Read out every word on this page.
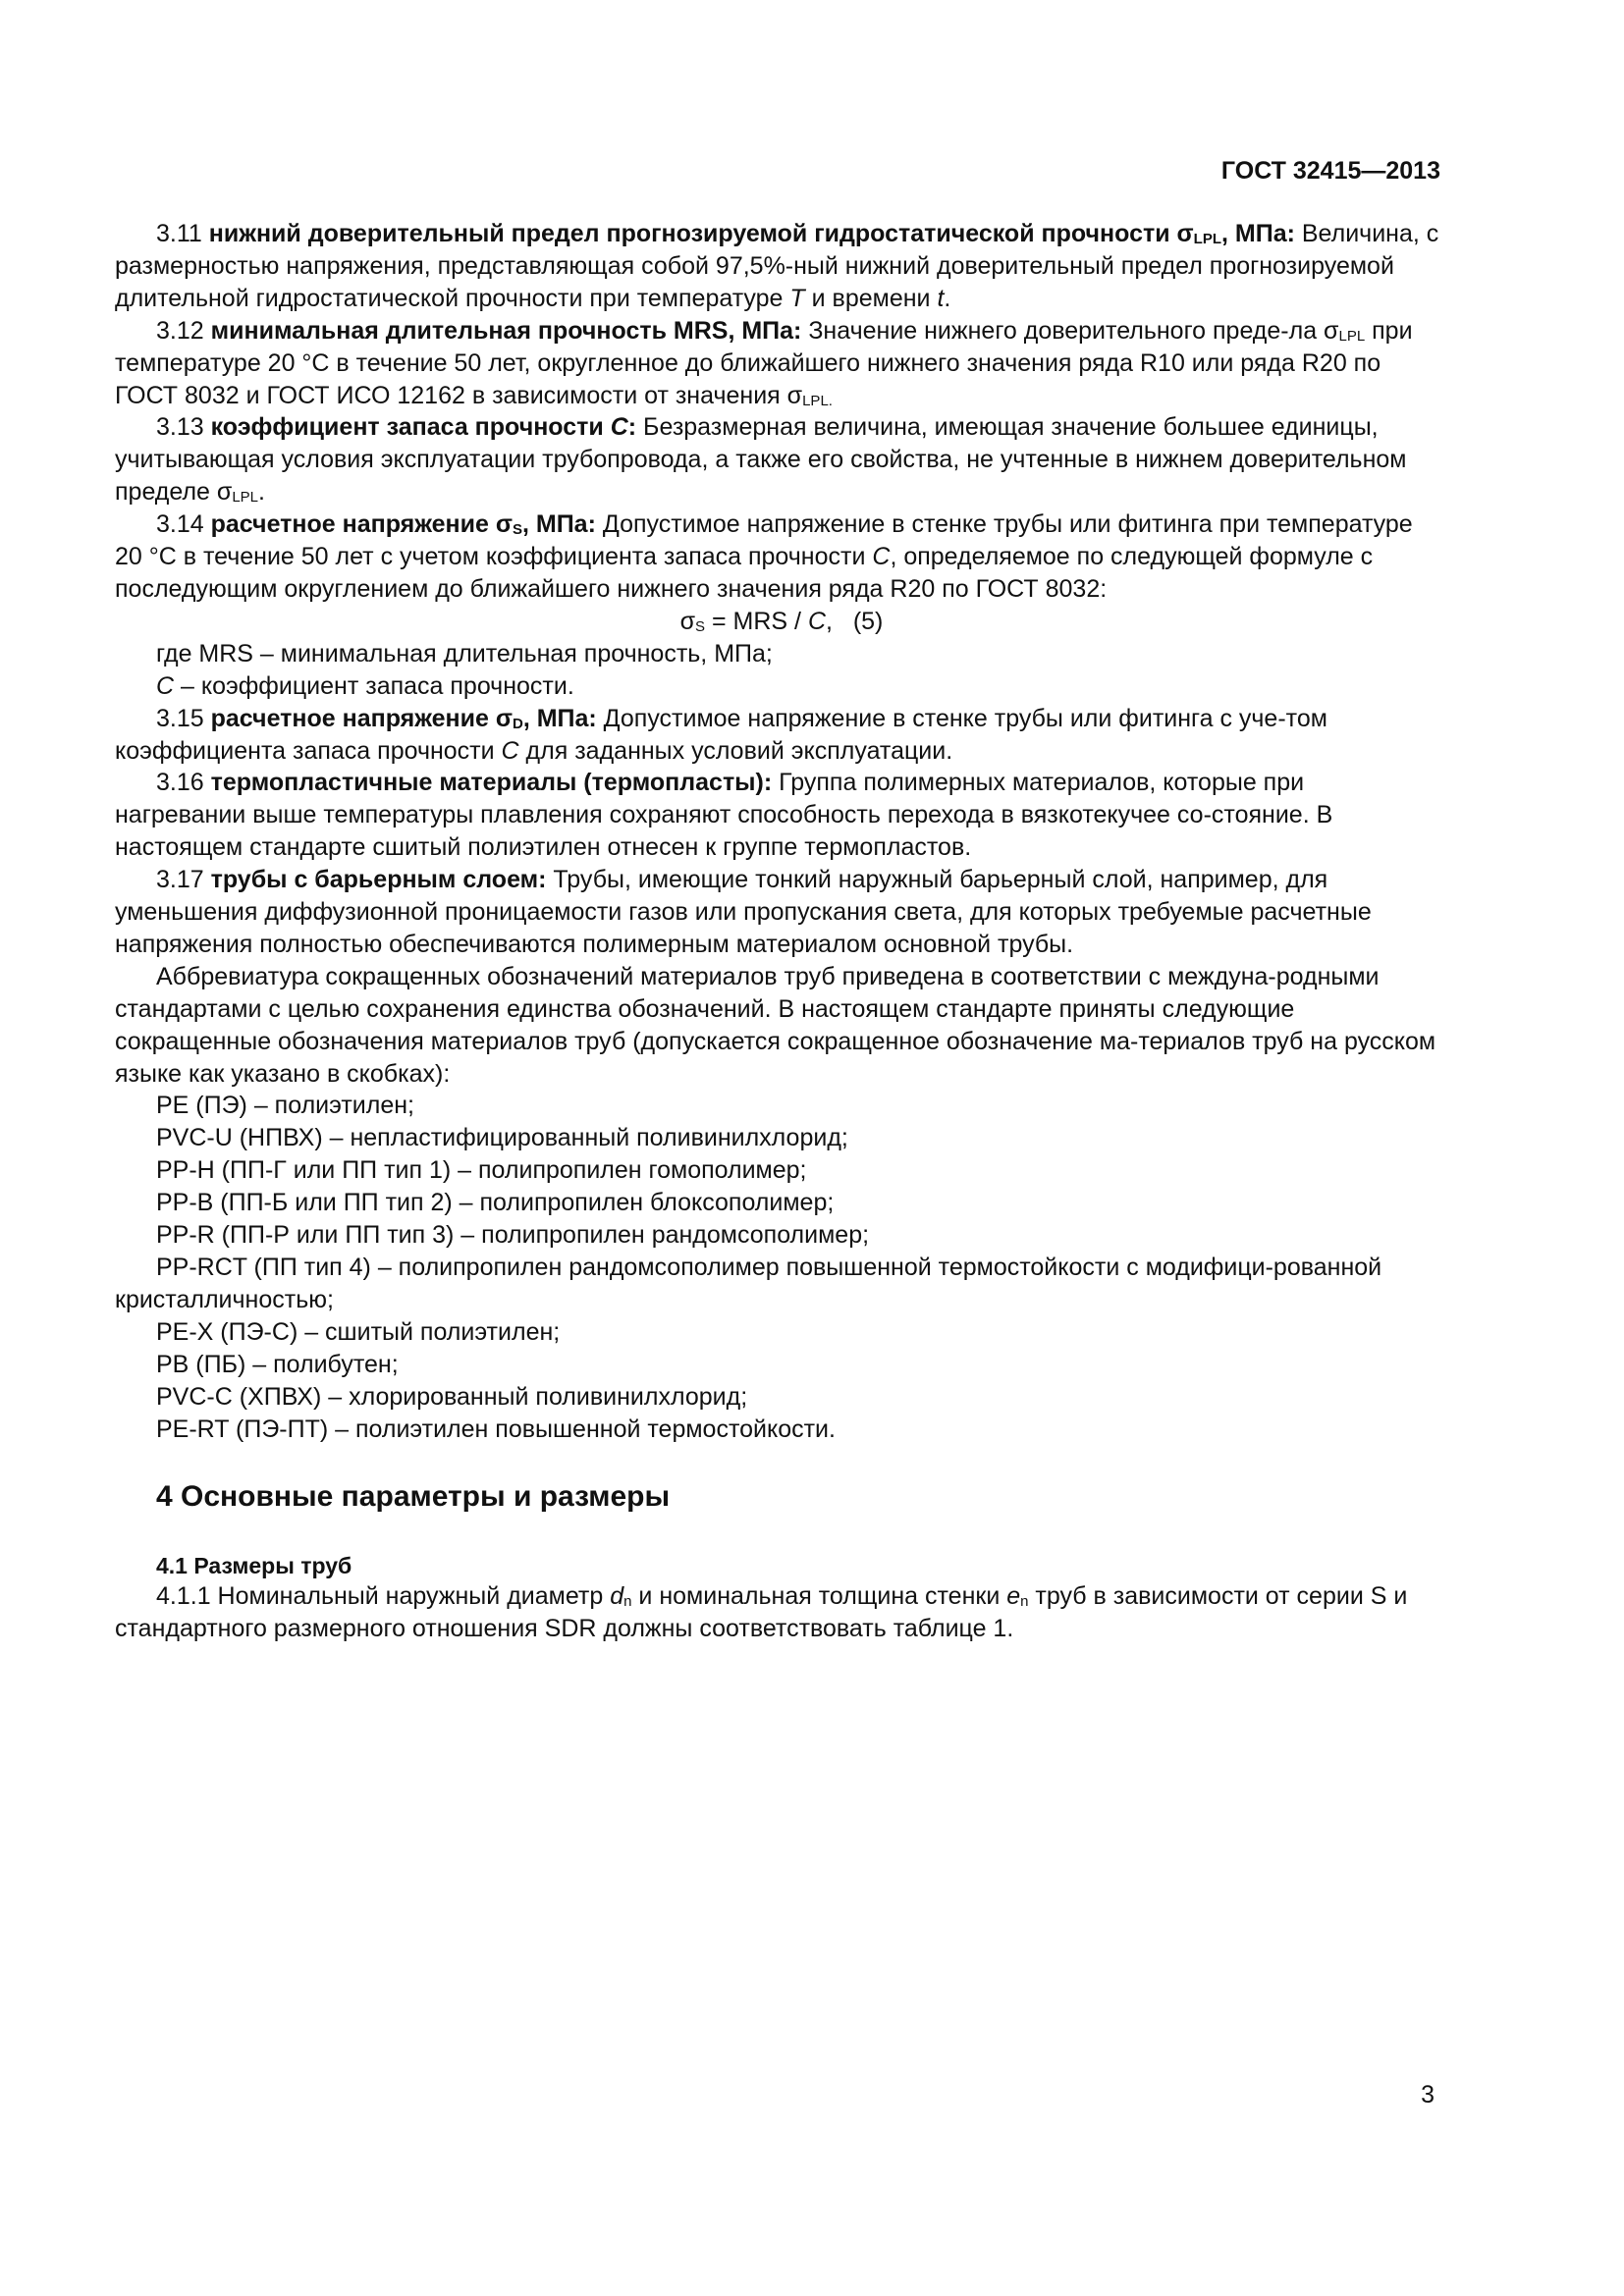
ГОСТ 32415—2013

3.11 нижний доверительный предел прогнозируемой гидростатической прочности $\sigma_{LPL}$, МПа: Величина, с размерностью напряжения, представляющая собой 97,5%-ный нижний доверительный предел прогнозируемой длительной гидростатической прочности при температуре T и времени t.

3.12 минимальная длительная прочность MRS, МПа: Значение нижнего доверительного преде-ла $\sigma_{LPL}$ при температуре 20 °С в течение 50 лет, округленное до ближайшего нижнего значения ряда R10 или ряда R20 по ГОСТ 8032 и ГОСТ ИСО 12162 в зависимости от значения $\sigma_{LPL.}$

3.13 коэффициент запаса прочности C: Безразмерная величина, имеющая значение большее единицы, учитывающая условия эксплуатации трубопровода, а также его свойства, не учтенные в нижнем доверительном пределе $\sigma_{LPL}$.

3.14 расчетное напряжение $\sigma_S$, МПа: Допустимое напряжение в стенке трубы или фитинга при температуре 20 °С в течение 50 лет с учетом коэффициента запаса прочности C, определяемое по следующей формуле с последующим округлением до ближайшего нижнего значения ряда R20 по ГОСТ 8032:

$\sigma_S$ = MRS / C, (5)

где MRS – минимальная длительная прочность, МПа;

C – коэффициент запаса прочности.

3.15 расчетное напряжение $\sigma_D$, МПа: Допустимое напряжение в стенке трубы или фитинга с уче-том коэффициента запаса прочности C для заданных условий эксплуатации.

3.16 термопластичные материалы (термопласты): Группа полимерных материалов, которые при нагревании выше температуры плавления сохраняют способность перехода в вязкотекучее со-стояние. В настоящем стандарте сшитый полиэтилен отнесен к группе термопластов.

3.17 трубы с барьерным слоем: Трубы, имеющие тонкий наружный барьерный слой, например, для уменьшения диффузионной проницаемости газов или пропускания света, для которых требуемые расчетные напряжения полностью обеспечиваются полимерным материалом основной трубы.

Аббревиатура сокращенных обозначений материалов труб приведена в соответствии с междуна-родными стандартами с целью сохранения единства обозначений. В настоящем стандарте приняты следующие сокращенные обозначения материалов труб (допускается сокращенное обозначение ма-териалов труб на русском языке как указано в скобках):

PE (ПЭ) – полиэтилен;

PVC-U (НПВХ) – непластифицированный поливинилхлорид;

PP-H (ПП-Г или ПП тип 1) – полипропилен гомополимер;

PP-B (ПП-Б или ПП тип 2) – полипропилен блоксополимер;

PP-R (ПП-Р или ПП тип 3) – полипропилен рандомсополимер;

PP-RCT (ПП тип 4) – полипропилен рандомсополимер повышенной термостойкости с модифици-рованной кристалличностью;

PE-X (ПЭ-С) – сшитый полиэтилен;

PB (ПБ) – полибутен;

PVC-C (ХПВХ) – хлорированный поливинилхлорид;

PE-RT (ПЭ-ПТ) – полиэтилен повышенной термостойкости.

4 Основные параметры и размеры
4.1 Размеры труб

4.1.1 Номинальный наружный диаметр $d_n$ и номинальная толщина стенки $e_n$ труб в зависимости от серии S и стандартного размерного отношения SDR должны соответствовать таблице 1.

3
